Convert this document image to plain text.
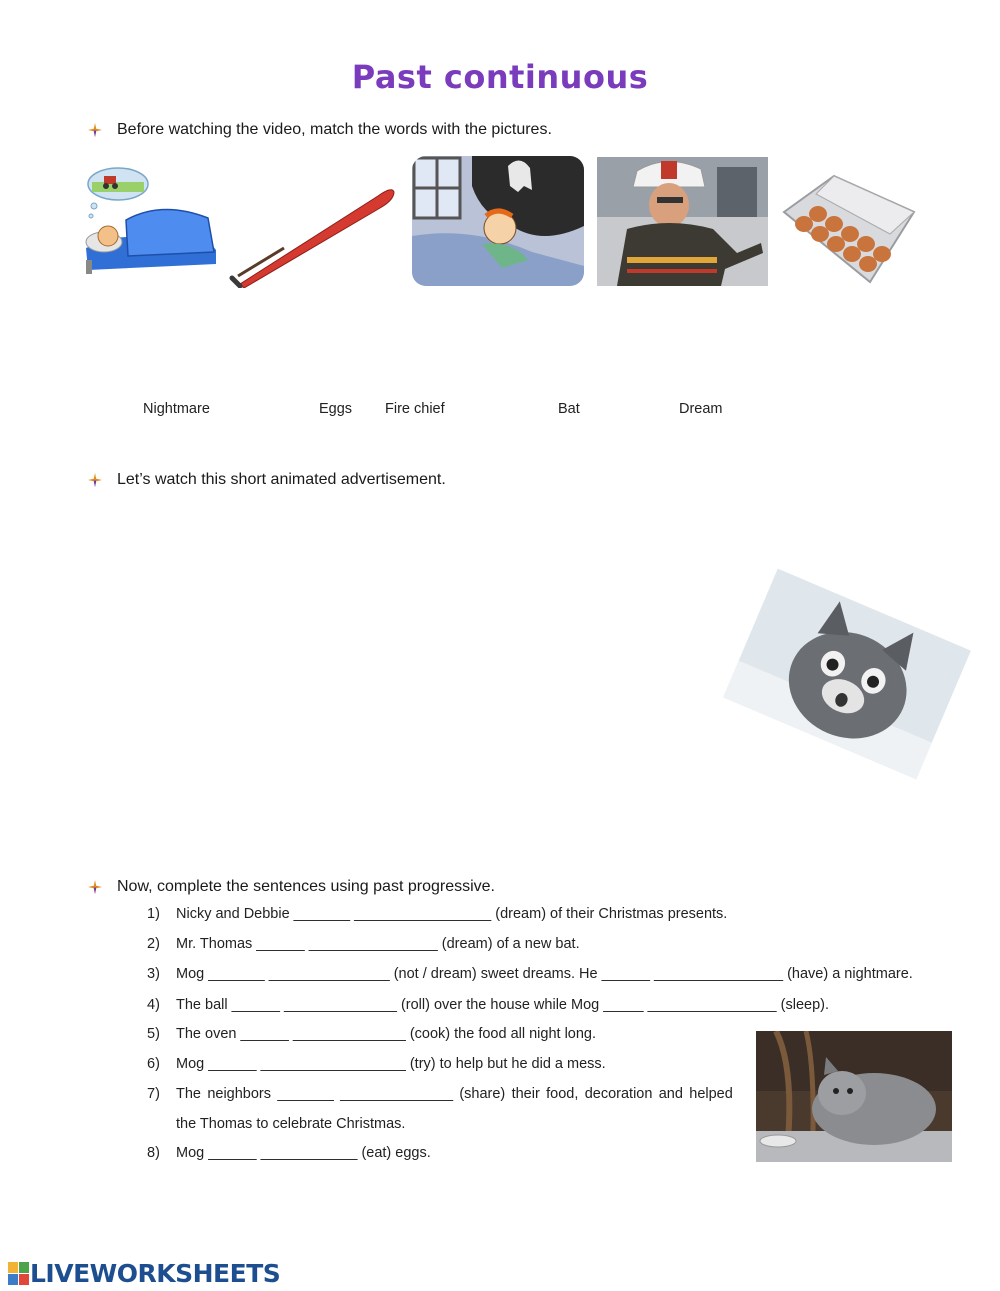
Past continuous
Before watching the video, match the words with the pictures.
Nightmare	Eggs Fire chief	Bat	Dream
Let’s watch this short animated advertisement.
Now, complete the sentences using past progressive.
1) Nicky and Debbie _______ _________________ (dream) of their Christmas presents.
2) Mr. Thomas ______ ________________ (dream) of a new bat.
3) Mog _______ _______________ (not / dream) sweet dreams. He ______ ________________ (have) a nightmare.
4) The ball ______ ______________ (roll) over the house while Mog _____ ________________ (sleep).
5) The oven ______ ______________ (cook) the food all night long.
6) Mog ______ __________________ (try) to help but he did a mess.
7) The neighbors _______ ______________ (share) their food, decoration and helped
the Thomas to celebrate Christmas.
8) Mog ______ ____________ (eat) eggs.
LIVEWORKSHEETS
